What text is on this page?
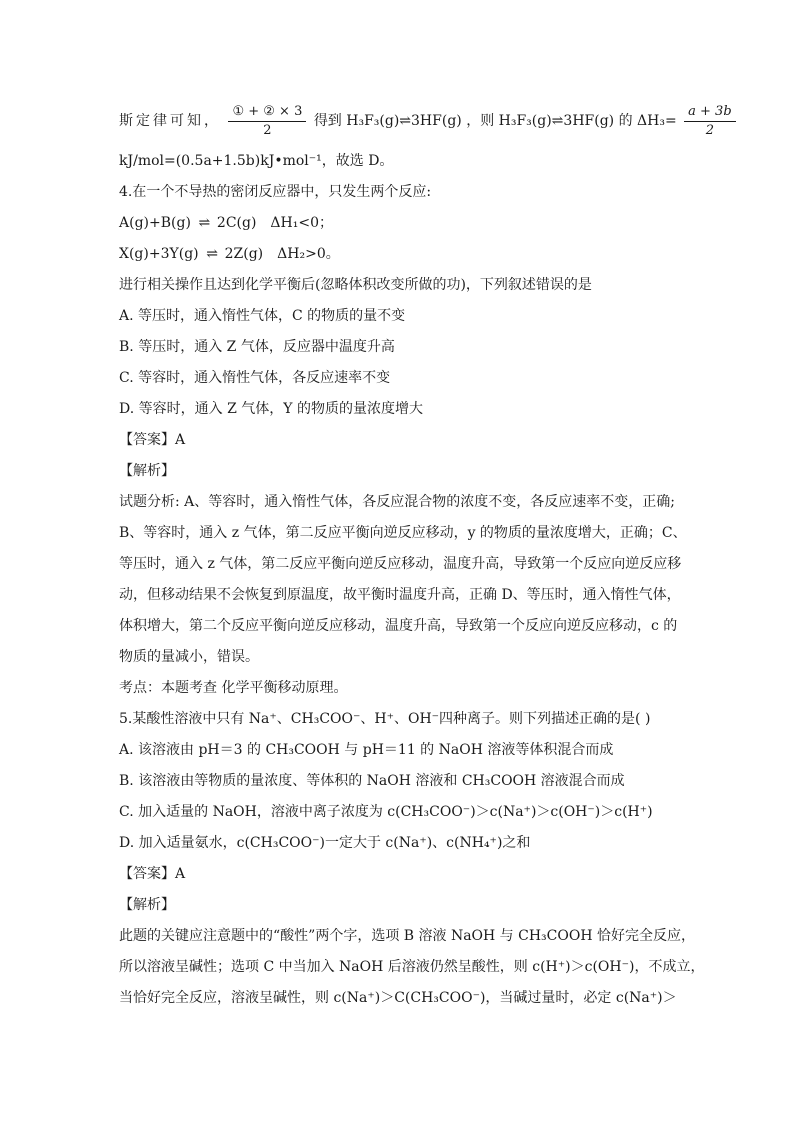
斯定律可知， $\frac{\text{① + ② × 3}}{2}$ 得到 H₃F₃(g)⇌3HF(g) ，则 H₃F₃(g)⇌3HF(g) 的 $\Delta H_3= \frac{a + 3b}{2}$
kJ/mol=(0.5a+1.5b)kJ•mol⁻¹，故选 D。
4.在一个不导热的密闭反应器中，只发生两个反应:
A(g)+B(g) ⇌ 2C(g) ΔH₁<0；
X(g)+3Y(g) ⇌ 2Z(g) ΔH₂>0。
进行相关操作且达到化学平衡后(忽略体积改变所做的功)，下列叙述错误的是
A. 等压时，通入惰性气体，C 的物质的量不变
B. 等压时，通入 Z 气体，反应器中温度升高
C. 等容时，通入惰性气体，各反应速率不变
D. 等容时，通入 Z 气体，Y 的物质的量浓度增大
【答案】A
【解析】
试题分析: A、等容时，通入惰性气体，各反应混合物的浓度不变，各反应速率不变，正确;
B、等容时，通入 z 气体，第二反应平衡向逆反应移动，y 的物质的量浓度增大，正确；C、
等压时，通入 z 气体，第二反应平衡向逆反应移动，温度升高，导致第一个反应向逆反应移
动，但移动结果不会恢复到原温度，故平衡时温度升高，正确 D、等压时，通入惰性气体，
体积增大，第二个反应平衡向逆反应移动，温度升高，导致第一个反应向逆反应移动，c 的
物质的量减小，错误。
考点：本题考查 化学平衡移动原理。
5.某酸性溶液中只有 Na⁺、CH₃COO⁻、H⁺、OH⁻四种离子。则下列描述正确的是( )
A. 该溶液由 pH＝3 的 CH₃COOH 与 pH＝11 的 NaOH 溶液等体积混合而成
B. 该溶液由等物质的量浓度、等体积的 NaOH 溶液和 CH₃COOH 溶液混合而成
C. 加入适量的 NaOH，溶液中离子浓度为 c(CH₃COO⁻)＞c(Na⁺)＞c(OH⁻)＞c(H⁺)
D. 加入适量氨水，c(CH₃COO⁻)一定大于 c(Na⁺)、c(NH₄⁺)之和
【答案】A
【解析】
此题的关键应注意题中的“酸性”两个字，选项 B 溶液 NaOH 与 CH₃COOH 恰好完全反应，
所以溶液呈碱性；选项 C 中当加入 NaOH 后溶液仍然呈酸性，则 c(H⁺)＞c(OH⁻)，不成立，
当恰好完全反应，溶液呈碱性，则 c(Na⁺)＞C(CH₃COO⁻)，当碱过量时，必定 c(Na⁺)＞
